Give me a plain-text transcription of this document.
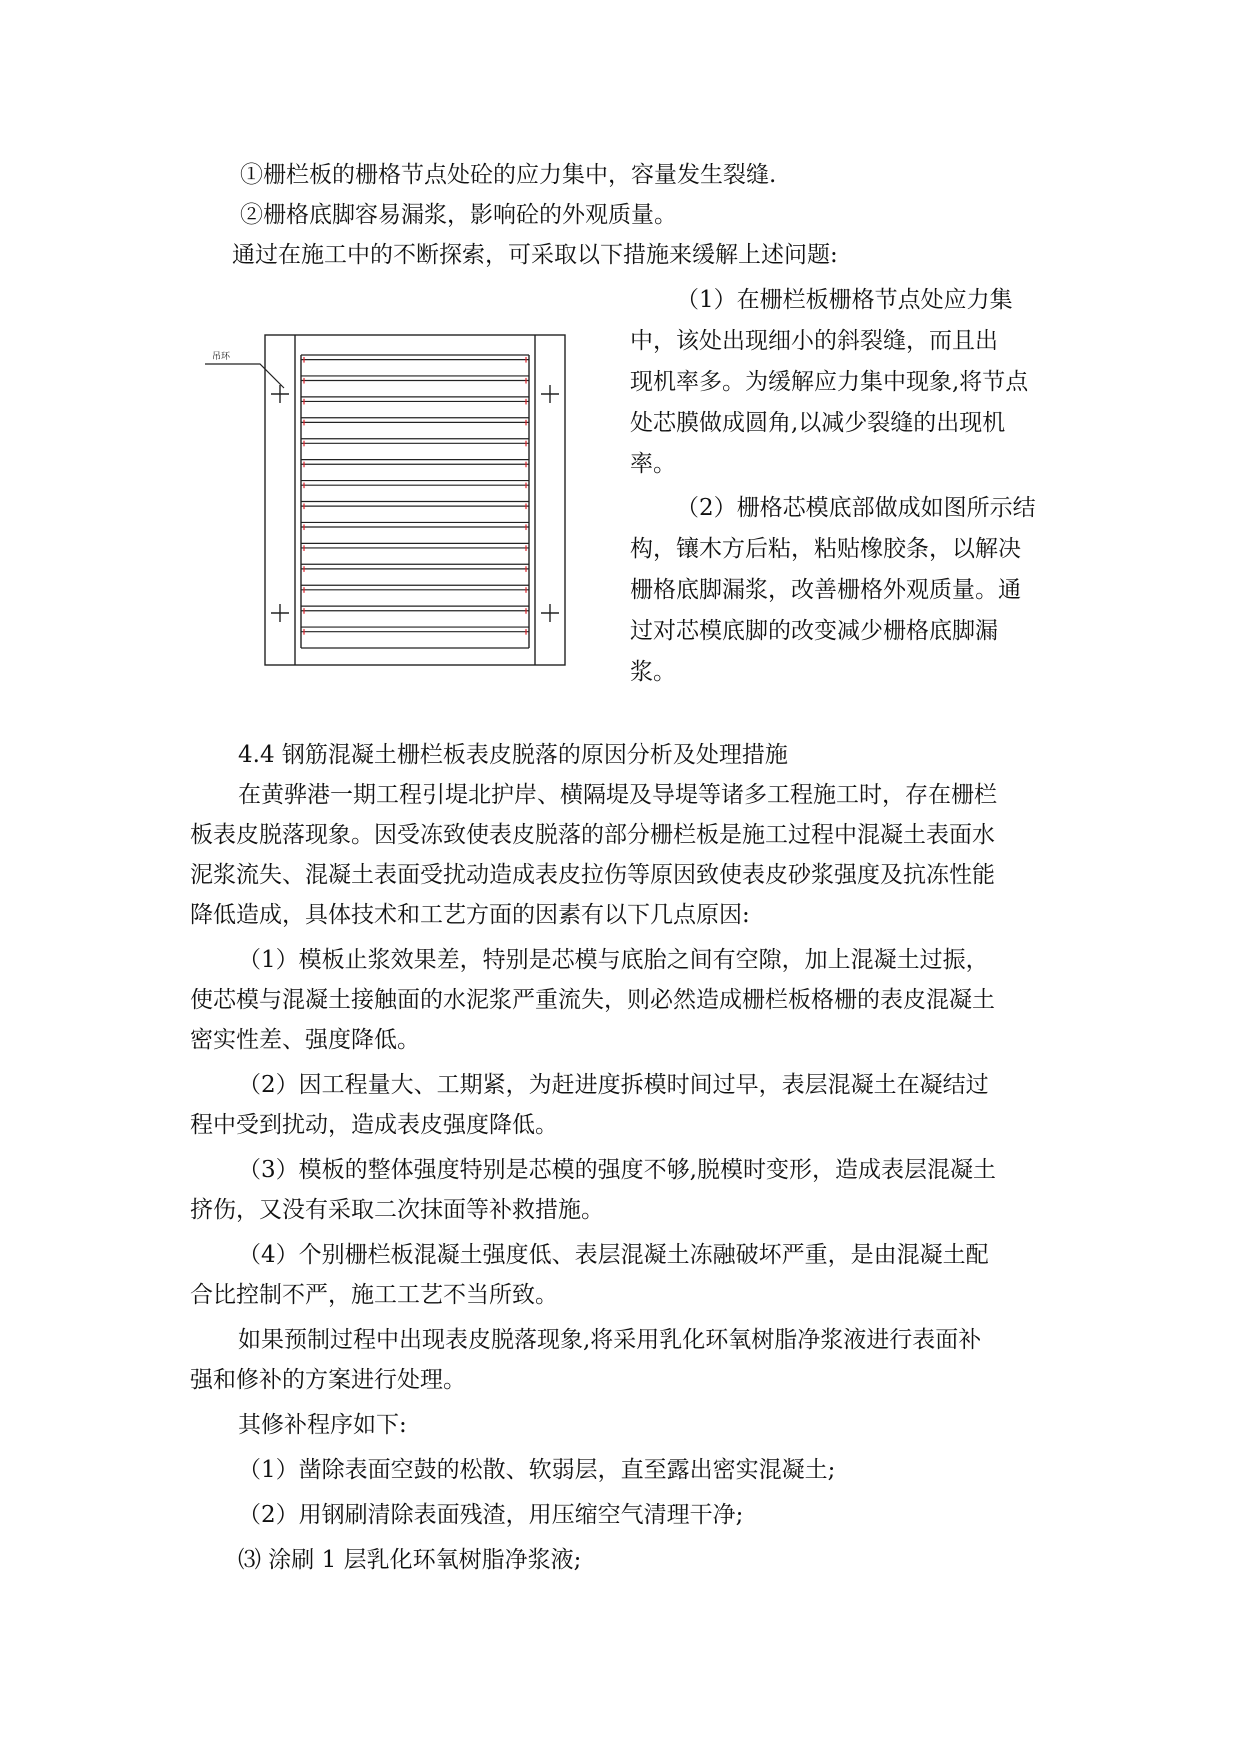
①栅栏板的栅格节点处砼的应力集中，容量发生裂缝.

②栅格底脚容易漏浆，影响砼的外观质量。

通过在施工中的不断探索，可采取以下措施来缓解上述问题:

吊环

（1）在栅栏板栅格节点处应力集

中，该处出现细小的斜裂缝，而且出

现机率多。为缓解应力集中现象,将节点

处芯膜做成圆角,以减少裂缝的出现机

率。

（2）栅格芯模底部做成如图所示结

构，镶木方后粘，粘贴橡胶条，以解决

栅格底脚漏浆，改善栅格外观质量。通

过对芯模底脚的改变减少栅格底脚漏

浆。

4.4 钢筋混凝土栅栏板表皮脱落的原因分析及处理措施

在黄骅港一期工程引堤北护岸、横隔堤及导堤等诸多工程施工时，存在栅栏

板表皮脱落现象。因受冻致使表皮脱落的部分栅栏板是施工过程中混凝土表面水

泥浆流失、混凝土表面受扰动造成表皮拉伤等原因致使表皮砂浆强度及抗冻性能

降低造成，具体技术和工艺方面的因素有以下几点原因:

（1）模板止浆效果差，特别是芯模与底胎之间有空隙，加上混凝土过振，

使芯模与混凝土接触面的水泥浆严重流失，则必然造成栅栏板格栅的表皮混凝土

密实性差、强度降低。

（2）因工程量大、工期紧，为赶进度拆模时间过早，表层混凝土在凝结过

程中受到扰动，造成表皮强度降低。

（3）模板的整体强度特别是芯模的强度不够,脱模时变形，造成表层混凝土

挤伤，又没有采取二次抹面等补救措施。

（4）个别栅栏板混凝土强度低、表层混凝土冻融破坏严重，是由混凝土配

合比控制不严，施工工艺不当所致。

如果预制过程中出现表皮脱落现象,将采用乳化环氧树脂净浆液进行表面补

强和修补的方案进行处理。

其修补程序如下:

（1）凿除表面空鼓的松散、软弱层，直至露出密实混凝土;

（2）用钢刷清除表面残渣，用压缩空气清理干净;

⑶ 涂刷 1 层乳化环氧树脂净浆液;
